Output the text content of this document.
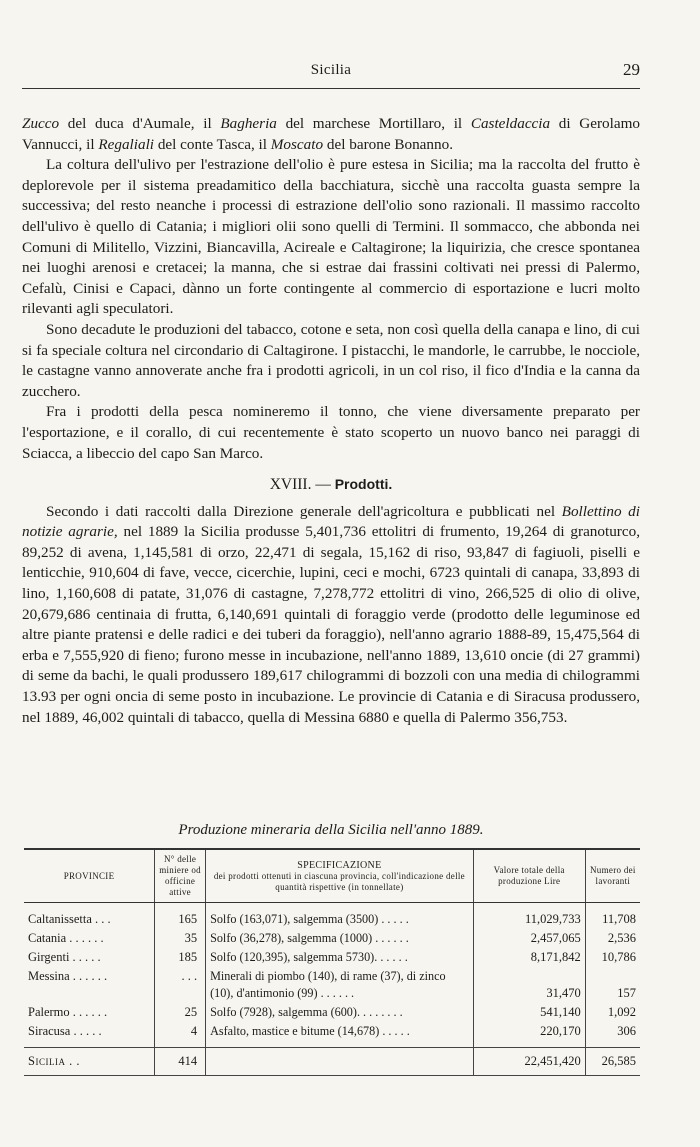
Sicilia	29

Zucco del duca d'Aumale, il Bagheria del marchese Mortillaro, il Casteldaccia di Gerolamo Vannucci, il Regaliali del conte Tasca, il Moscato del barone Bonanno.

La coltura dell'ulivo per l'estrazione dell'olio è pure estesa in Sicilia; ma la raccolta del frutto è deplorevole per il sistema preadamitico della bacchiatura, sicchè una raccolta guasta sempre la successiva; del resto neanche i processi di estrazione dell'olio sono razionali. Il massimo raccolto dell'ulivo è quello di Catania; i migliori olii sono quelli di Termini. Il sommacco, che abbonda nei Comuni di Militello, Vizzini, Biancavilla, Acireale e Caltagirone; la liquirizia, che cresce spontanea nei luoghi arenosi e cretacei; la manna, che si estrae dai frassini coltivati nei pressi di Palermo, Cefalù, Cinisi e Capaci, dànno un forte contingente al commercio di esportazione e lucri molto rilevanti agli speculatori.

Sono decadute le produzioni del tabacco, cotone e seta, non così quella della canapa e lino, di cui si fa speciale coltura nel circondario di Caltagirone. I pistacchi, le mandorle, le carrubbe, le nocciole, le castagne vanno annoverate anche fra i prodotti agricoli, in un col riso, il fico d'India e la canna da zucchero.

Fra i prodotti della pesca nomineremo il tonno, che viene diversamente preparato per l'esportazione, e il corallo, di cui recentemente è stato scoperto un nuovo banco nei paraggi di Sciacca, a libeccio del capo San Marco.

XVIII. — Prodotti.

Secondo i dati raccolti dalla Direzione generale dell'agricoltura e pubblicati nel Bollettino di notizie agrarie, nel 1889 la Sicilia produsse 5,401,736 ettolitri di frumento, 19,264 di granoturco, 89,252 di avena, 1,145,581 di orzo, 22,471 di segala, 15,162 di riso, 93,847 di fagiuoli, piselli e lenticchie, 910,604 di fave, vecce, cicerchie, lupini, ceci e mochi, 6723 quintali di canapa, 33,893 di lino, 1,160,608 di patate, 31,076 di castagne, 7,278,772 ettolitri di vino, 266,525 di olio di olive, 20,679,686 centinaia di frutta, 6,140,691 quintali di foraggio verde (prodotto delle leguminose ed altre piante pratensi e delle radici e dei tuberi da foraggio), nell'anno agrario 1888-89, 15,475,564 di erba e 7,555,920 di fieno; furono messe in incubazione, nell'anno 1889, 13,610 oncie (di 27 grammi) di seme da bachi, le quali produssero 189,617 chilogrammi di bozzoli con una media di chilogrammi 13.93 per ogni oncia di seme posto in incubazione. Le provincie di Catania e di Siracusa produssero, nel 1889, 46,002 quintali di tabacco, quella di Messina 6880 e quella di Palermo 356,753.

Produzione mineraria della Sicilia nell'anno 1889.
PROVINCIE	N° delle miniere od officine attive	SPECIFICAZIONE
dei prodotti ottenuti in ciascuna provincia, coll'indicazione delle quantità rispettive (in tonnellate)	Valore totale della produzione Lire	Numero dei lavoranti
Caltanissetta . . .	165	Solfo (163,071), salgemma (3500) . . . . .	11,029,733	11,708
Catania . . . . . .	35	Solfo (36,278), salgemma (1000) . . . . . .	2,457,065	2,536
Girgenti . . . . .	185	Solfo (120,395), salgemma 5730). . . . . .	8,171,842	10,786
Messina . . . . . .	. . .	Minerali di piombo (140), di rame (37), di zinco (10), d'antimonio (99) . . . . . .	31,470	157
Palermo . . . . . .	25	Solfo (7928), salgemma (600). . . . . . . .	541,140	1,092
Siracusa . . . . .	4	Asfalto, mastice e bitume (14,678) . . . . .	220,170	306

Sicilia . .	414		22,451,420	26,585
